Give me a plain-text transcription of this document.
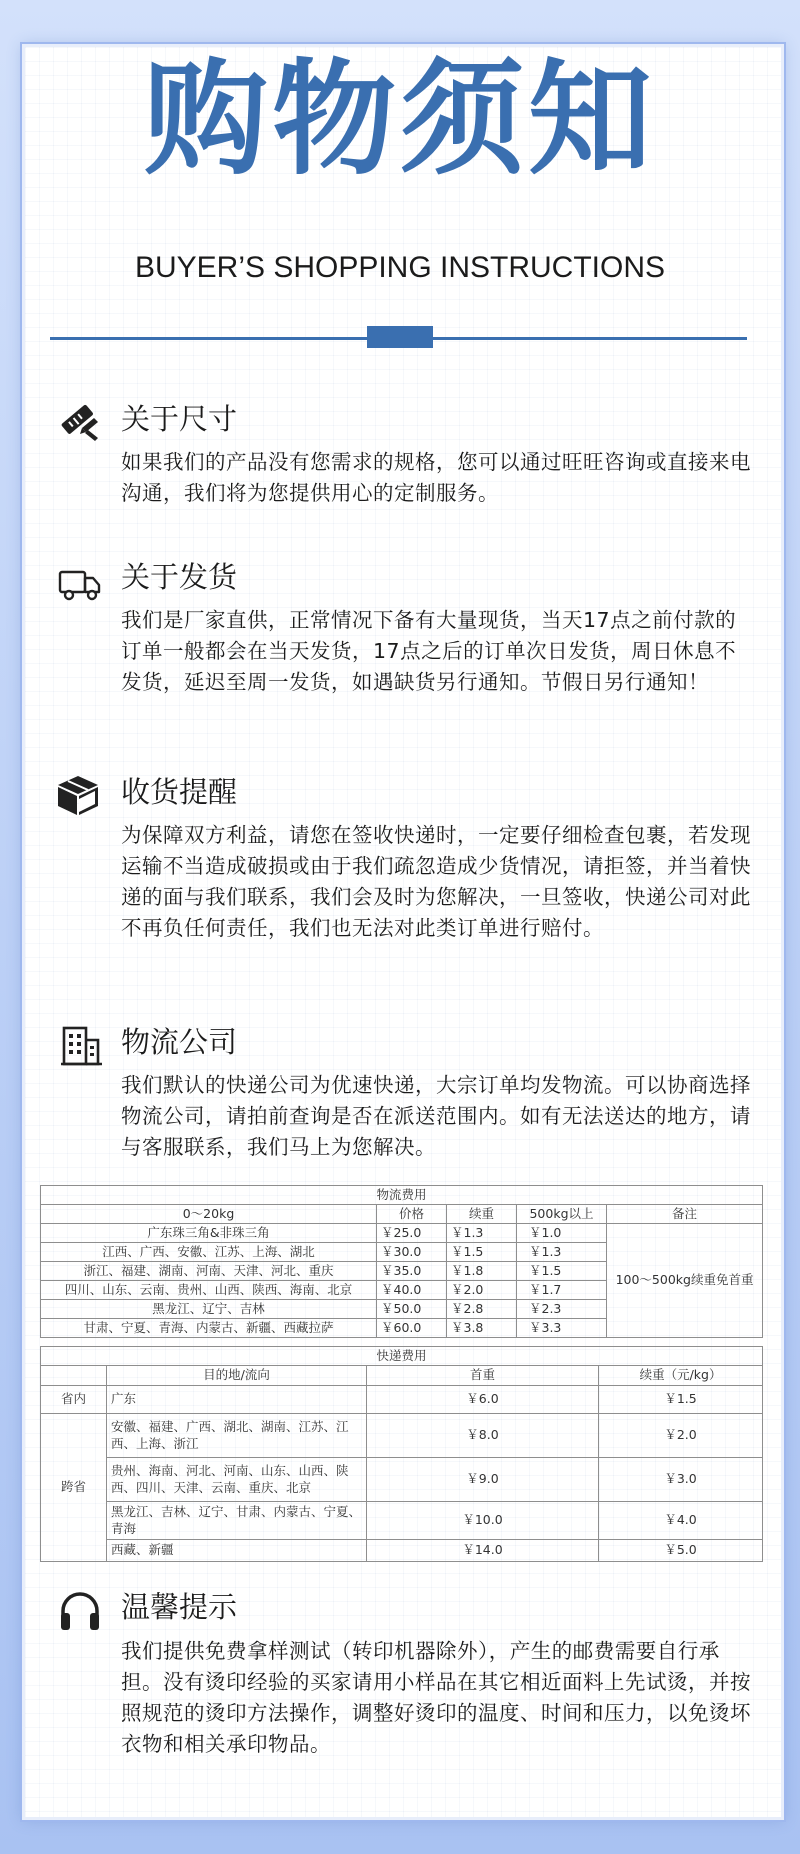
购物须知
BUYER’S SHOPPING INSTRUCTIONS
关于尺寸
如果我们的产品没有您需求的规格，您可以通过旺旺咨询或直接来电沟通，我们将为您提供用心的定制服务。
关于发货
我们是厂家直供，正常情况下备有大量现货，当天17点之前付款的订单一般都会在当天发货，17点之后的订单次日发货，周日休息不发货，延迟至周一发货，如遇缺货另行通知。节假日另行通知！
收货提醒
为保障双方利益，请您在签收快递时，一定要仔细检查包裹，若发现运输不当造成破损或由于我们疏忽造成少货情况，请拒签，并当着快递的面与我们联系，我们会及时为您解决，一旦签收，快递公司对此不再负任何责任，我们也无法对此类订单进行赔付。
物流公司
我们默认的快递公司为优速快递，大宗订单均发物流。可以协商选择物流公司，请拍前查询是否在派送范围内。如有无法送达的地方，请与客服联系，我们马上为您解决。
物流费用				
0～20kg	价格	续重	500kg以上	备注
广东珠三角&非珠三角	￥25.0	￥1.3	￥1.0	100～500kg续重免首重
江西、广西、安徽、江苏、上海、湖北	￥30.0	￥1.5	￥1.3	
浙江、福建、湖南、河南、天津、河北、重庆	￥35.0	￥1.8	￥1.5	
四川、山东、云南、贵州、山西、陕西、海南、北京	￥40.0	￥2.0	￥1.7	
黑龙江、辽宁、吉林	￥50.0	￥2.8	￥2.3	
甘肃、宁夏、青海、内蒙古、新疆、西藏拉萨	￥60.0	￥3.8	￥3.3	
快递费用			
	目的地/流向	首重	续重（元/kg）
省内	广东	￥6.0	￥1.5
跨省	安徽、福建、广西、湖北、湖南、江苏、江西、上海、浙江	￥8.0	￥2.0
	贵州、海南、河北、河南、山东、山西、陕西、四川、天津、云南、重庆、北京	￥9.0	￥3.0
	黑龙江、吉林、辽宁、甘肃、内蒙古、宁夏、青海	￥10.0	￥4.0
	西藏、新疆	￥14.0	￥5.0
温馨提示
我们提供免费拿样测试（转印机器除外），产生的邮费需要自行承担。没有烫印经验的买家请用小样品在其它相近面料上先试烫，并按照规范的烫印方法操作，调整好烫印的温度、时间和压力，以免烫坏衣物和相关承印物品。
